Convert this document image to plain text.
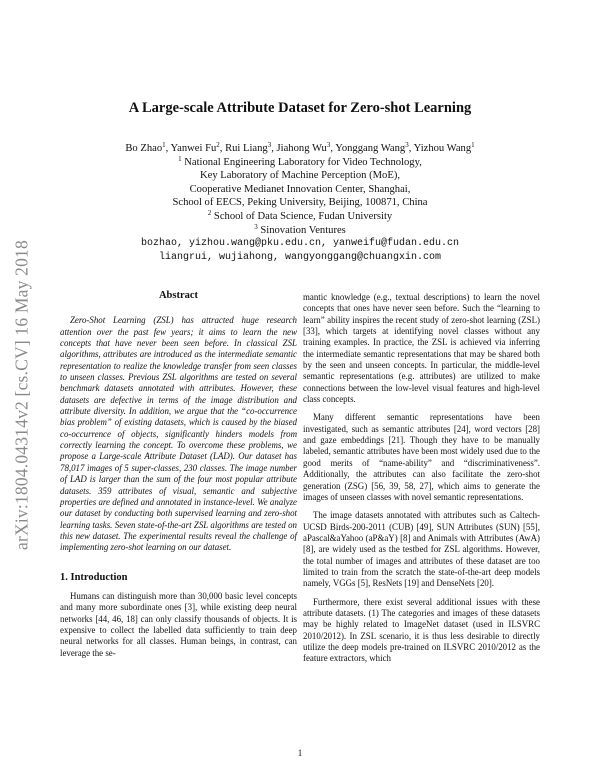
arXiv:1804.04314v2 [cs.CV] 16 May 2018
A Large-scale Attribute Dataset for Zero-shot Learning
Bo Zhao$^1$, Yanwei Fu$^2$, Rui Liang$^3$, Jiahong Wu$^3$, Yonggang Wang$^3$, Yizhou Wang$^1$
$^1$ National Engineering Laboratory for Video Technology,
Key Laboratory of Machine Perception (MoE),
Cooperative Medianet Innovation Center, Shanghai,
School of EECS, Peking University, Beijing, 100871, China
$^2$ School of Data Science, Fudan University
$^3$ Sinovation Ventures
bozhao, yizhou.wang@pku.edu.cn, yanweifu@fudan.edu.cn
liangrui, wujiahong, wangyonggang@chuangxin.com
Abstract

Zero-Shot Learning (ZSL) has attracted huge research attention over the past few years; it aims to learn the new concepts that have never been seen before. In classical ZSL algorithms, attributes are introduced as the intermediate semantic representation to realize the knowledge transfer from seen classes to unseen classes. Previous ZSL algorithms are tested on several benchmark datasets annotated with attributes. However, these datasets are defective in terms of the image distribution and attribute diversity. In addition, we argue that the “co-occurrence bias problem” of existing datasets, which is caused by the biased co-occurrence of objects, significantly hinders models from correctly learning the concept. To overcome these problems, we propose a Large-scale Attribute Dataset (LAD). Our dataset has 78,017 images of 5 super-classes, 230 classes. The image number of LAD is larger than the sum of the four most popular attribute datasets. 359 attributes of visual, semantic and subjective properties are defined and annotated in instance-level. We analyze our dataset by conducting both supervised learning and zero-shot learning tasks. Seven state-of-the-art ZSL algorithms are tested on this new dataset. The experimental results reveal the challenge of implementing zero-shot learning on our dataset.

1. Introduction

Humans can distinguish more than 30,000 basic level concepts and many more subordinate ones [3], while existing deep neural networks [44, 46, 18] can only classify thousands of objects. It is expensive to collect the labelled data sufficiently to train deep neural networks for all classes. Human beings, in contrast, can leverage the se-

mantic knowledge (e.g., textual descriptions) to learn the novel concepts that ones have never seen before. Such the “learning to learn” ability inspires the recent study of zero-shot learning (ZSL) [33], which targets at identifying novel classes without any training examples. In practice, the ZSL is achieved via inferring the intermediate semantic representations that may be shared both by the seen and unseen concepts. In particular, the middle-level semantic representations (e.g. attributes) are utilized to make connections between the low-level visual features and high-level class concepts.

Many different semantic representations have been investigated, such as semantic attributes [24], word vectors [28] and gaze embeddings [21]. Though they have to be manually labeled, semantic attributes have been most widely used due to the good merits of “name-ability” and “discriminativeness”. Additionally, the attributes can also facilitate the zero-shot generation (ZSG) [56, 39, 58, 27], which aims to generate the images of unseen classes with novel semantic representations.

The image datasets annotated with attributes such as Caltech-UCSD Birds-200-2011 (CUB) [49], SUN Attributes (SUN) [55], aPascal&aYahoo (aP&aY) [8] and Animals with Attributes (AwA) [8], are widely used as the testbed for ZSL algorithms. However, the total number of images and attributes of these dataset are too limited to train from the scratch the state-of-the-art deep models namely, VGGs [5], ResNets [19] and DenseNets [20].

Furthermore, there exist several additional issues with these attribute datasets. (1) The categories and images of these datasets may be highly related to ImageNet dataset (used in ILSVRC 2010/2012). In ZSL scenario, it is thus less desirable to directly utilize the deep models pre-trained on ILSVRC 2010/2012 as the feature extractors, which

1
